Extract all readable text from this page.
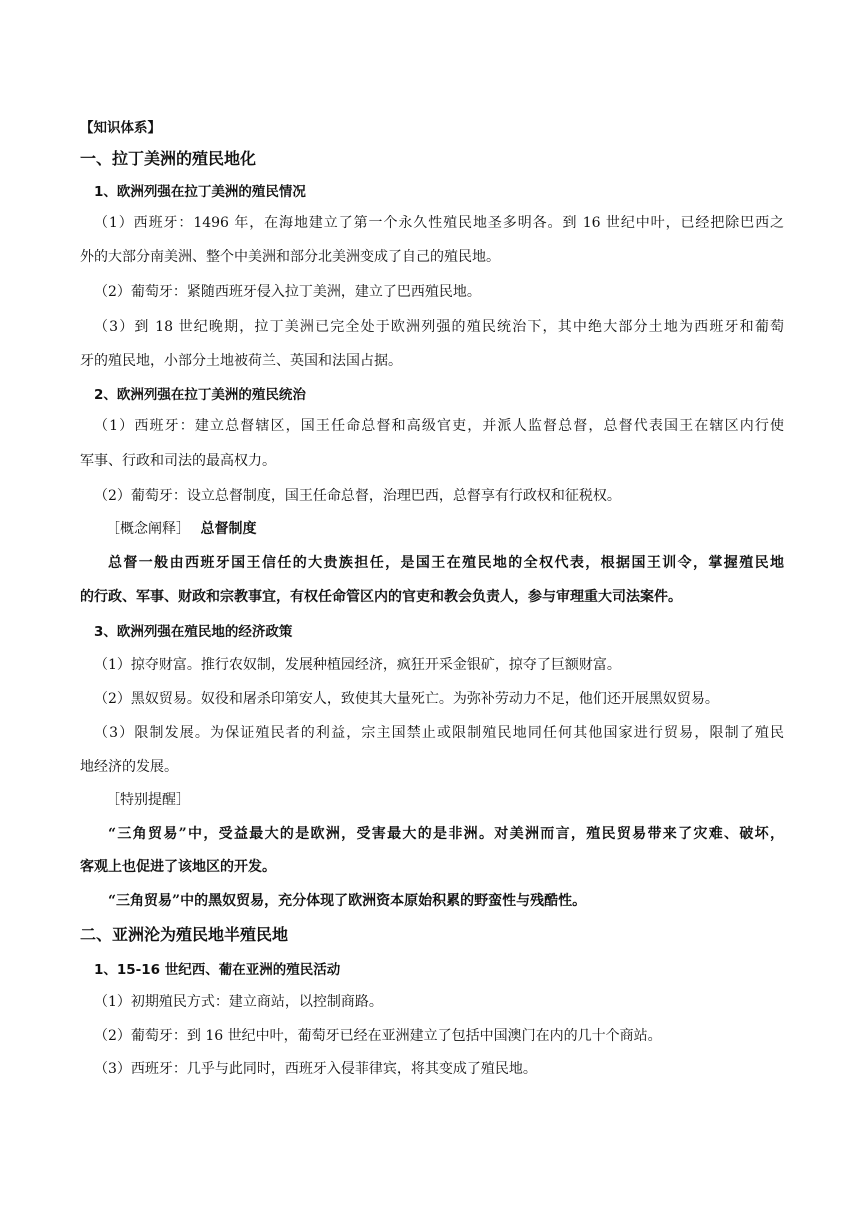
【知识体系】
一、拉丁美洲的殖民地化
1、欧洲列强在拉丁美洲的殖民情况
（1）西班牙：1496 年，在海地建立了第一个永久性殖民地圣多明各。到 16 世纪中叶，已经把除巴西之
外的大部分南美洲、整个中美洲和部分北美洲变成了自己的殖民地。
（2）葡萄牙：紧随西班牙侵入拉丁美洲，建立了巴西殖民地。
（3）到 18 世纪晚期，拉丁美洲已完全处于欧洲列强的殖民统治下，其中绝大部分土地为西班牙和葡萄
牙的殖民地，小部分土地被荷兰、英国和法国占据。
2、欧洲列强在拉丁美洲的殖民统治
（1）西班牙：建立总督辖区，国王任命总督和高级官吏，并派人监督总督，总督代表国王在辖区内行使
军事、行政和司法的最高权力。
（2）葡萄牙：设立总督制度，国王任命总督，治理巴西，总督享有行政权和征税权。
［概念阐释］ 总督制度
总督一般由西班牙国王信任的大贵族担任，是国王在殖民地的全权代表，根据国王训令，掌握殖民地
的行政、军事、财政和宗教事宜，有权任命管区内的官吏和教会负责人，参与审理重大司法案件。
3、欧洲列强在殖民地的经济政策
（1）掠夺财富。推行农奴制，发展种植园经济，疯狂开采金银矿，掠夺了巨额财富。
（2）黑奴贸易。奴役和屠杀印第安人，致使其大量死亡。为弥补劳动力不足，他们还开展黑奴贸易。
（3）限制发展。为保证殖民者的利益，宗主国禁止或限制殖民地同任何其他国家进行贸易，限制了殖民
地经济的发展。
［特别提醒］
“三角贸易”中，受益最大的是欧洲，受害最大的是非洲。对美洲而言，殖民贸易带来了灾难、破坏，
客观上也促进了该地区的开发。
“三角贸易”中的黑奴贸易，充分体现了欧洲资本原始积累的野蛮性与残酷性。
二、亚洲沦为殖民地半殖民地
1、15-16 世纪西、葡在亚洲的殖民活动
（1）初期殖民方式：建立商站，以控制商路。
（2）葡萄牙：到 16 世纪中叶，葡萄牙已经在亚洲建立了包括中国澳门在内的几十个商站。
（3）西班牙：几乎与此同时，西班牙入侵菲律宾，将其变成了殖民地。
